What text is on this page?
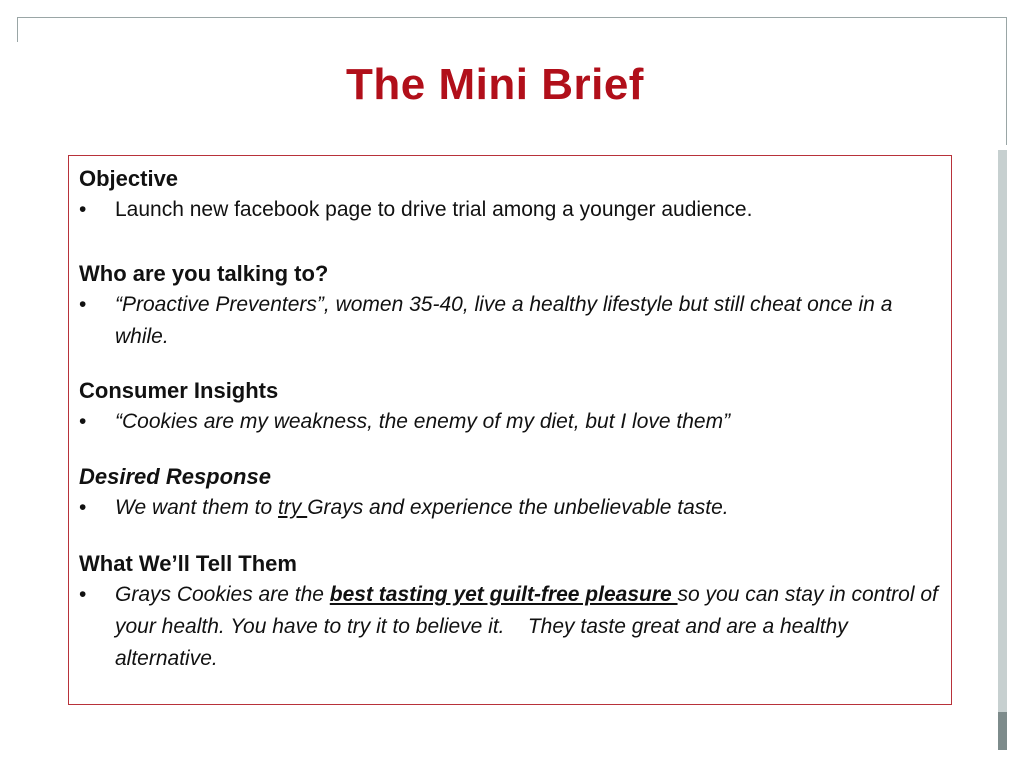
The Mini Brief
Objective
•	Launch new facebook page to drive trial among a younger audience.
Who are you talking to?
•	“Proactive Preventers”, women 35-40, live a healthy lifestyle but still cheat once in a while.
Consumer Insights
•	“Cookies are my weakness, the enemy of my diet, but I love them”
Desired Response
•	We want them to try Grays and experience the unbelievable taste.
What We’ll Tell Them
•	Grays Cookies are the best tasting yet guilt-free pleasure so you can stay in control of your health. You have to try it to believe it.    They taste great and are a healthy alternative.
